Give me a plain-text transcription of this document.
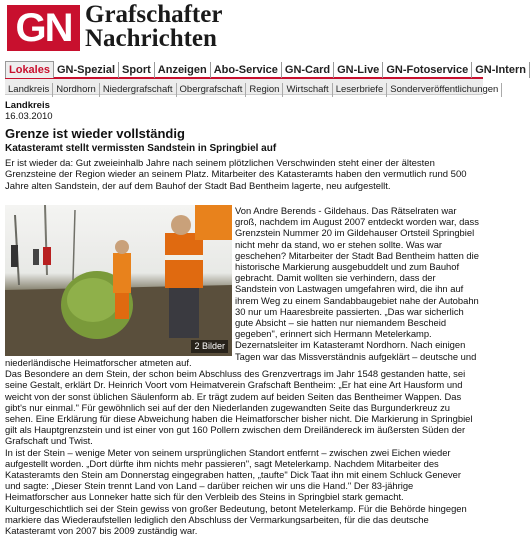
GN Grafschafter
Nachrichten
Lokales GN-Spezial Sport Anzeigen Abo-Service GN-Card GN-Live GN-Fotoservice GN-Intern
Landkreis Nordhorn Niedergrafschaft Obergrafschaft Region Wirtschaft Leserbriefe Sonderveröffentlichungen
Landkreis
16.03.2010
Grenze ist wieder vollständig
Katasteramt stellt vermissten Sandstein in Springbiel auf
Er ist wieder da: Gut zweieinhalb Jahre nach seinem plötzlichen Verschwinden steht einer der ältesten Grenzsteine der Region wieder an seinem Platz. Mitarbeiter des Katasteramts haben den vermutlich rund 500 Jahre alten Sandstein, der auf dem Bauhof der Stadt Bad Bentheim lagerte, neu aufgestellt.
2 Bilder

Von Andre Berends - Gildehaus. Das Rätselraten war groß, nachdem im August 2007 entdeckt worden war, dass Grenzstein Nummer 20 im Gildehauser Ortsteil Springbiel nicht mehr da stand, wo er stehen sollte. Was war geschehen? Mitarbeiter der Stadt Bad Bentheim hatten die historische Markierung ausgebuddelt und zum Bauhof gebracht. Damit wollten sie verhindern, dass der Sandstein von Lastwagen umgefahren wird, die ihn auf ihrem Weg zu einem Sandabbaugebiet nahe der Autobahn 30 nur um Haaresbreite passierten. „Das war sicherlich gute Absicht – sie hatten nur niemandem Bescheid gegeben", erinnert sich Hermann Metelerkamp. Dezernatsleiter im Katasteramt Nordhorn. Nach einigen Tagen war das Missverständnis aufgeklärt – deutsche und

niederländische Heimatforscher atmeten auf.

Das Besondere an dem Stein, der schon beim Abschluss des Grenzvertrags im Jahr 1548 gestanden hatte, sei seine Gestalt, erklärt Dr. Heinrich Voort vom Heimatverein Grafschaft Bentheim: „Er hat eine Art Hausform und weicht von der sonst üblichen Säulenform ab. Er trägt zudem auf beiden Seiten das Bentheimer Wappen. Das gibt's nur einmal." Für gewöhnlich sei auf der den Niederlanden zugewandten Seite das Burgunderkreuz zu sehen. Eine Erklärung für diese Abweichung haben die Heimatforscher bisher nicht. Die Markierung in Springbiel gilt als Hauptgrenzstein und ist einer von gut 160 Pollern zwischen dem Dreiländereck im äußersten Süden der Grafschaft und Twist.

In ist der Stein – wenige Meter von seinem ursprünglichen Standort entfernt – zwischen zwei Eichen wieder aufgestellt worden. „Dort dürfte ihm nichts mehr passieren", sagt Metelerkamp. Nachdem Mitarbeiter des Katasteramts den Stein am Donnerstag eingegraben hatten, „taufte" Dick Taat ihn mit einem Schluck Genever und sagte: „Dieser Stein trennt Land von Land – darüber reichen wir uns die Hand." Der 83-jährige Heimatforscher aus Lonneker hatte sich für den Verbleib des Steins in Springbiel stark gemacht.

Kulturgeschichtlich sei der Stein gewiss von großer Bedeutung, betont Metelerkamp. Für die Behörde hingegen markiere das Wiederaufstellen lediglich den Abschluss der Vermarkungsarbeiten, für die das deutsche Katasteramt von 2007 bis 2009 zuständig war.
